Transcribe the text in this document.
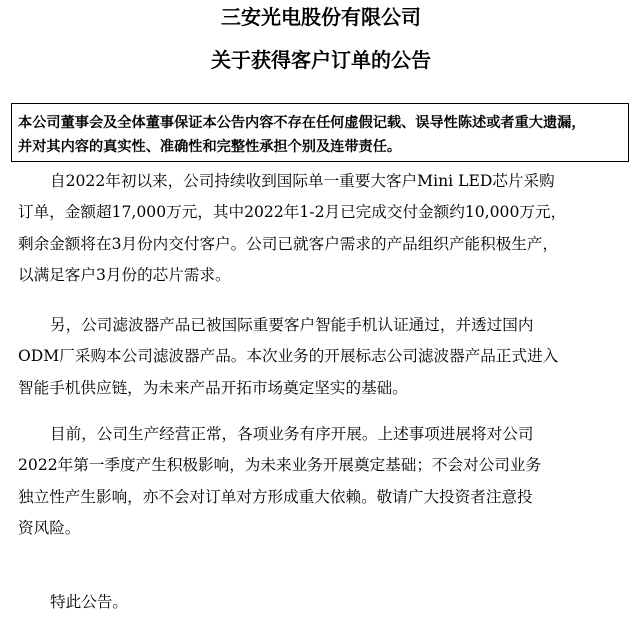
三安光电股份有限公司
关于获得客户订单的公告
本公司董事会及全体董事保证本公告内容不存在任何虚假记载、误导性陈述或者重大遗漏，
并对其内容的真实性、准确性和完整性承担个别及连带责任。
自2022年初以来，公司持续收到国际单一重要大客户Mini LED芯片采购
订单，金额超17,000万元，其中2022年1-2月已完成交付金额约10,000万元，
剩余金额将在3月份内交付客户。公司已就客户需求的产品组织产能积极生产，
以满足客户3月份的芯片需求。
另，公司滤波器产品已被国际重要客户智能手机认证通过，并透过国内
ODM厂采购本公司滤波器产品。本次业务的开展标志公司滤波器产品正式进入
智能手机供应链，为未来产品开拓市场奠定坚实的基础。
目前，公司生产经营正常，各项业务有序开展。上述事项进展将对公司
2022年第一季度产生积极影响，为未来业务开展奠定基础；不会对公司业务
独立性产生影响，亦不会对订单对方形成重大依赖。敬请广大投资者注意投
资风险。
特此公告。
